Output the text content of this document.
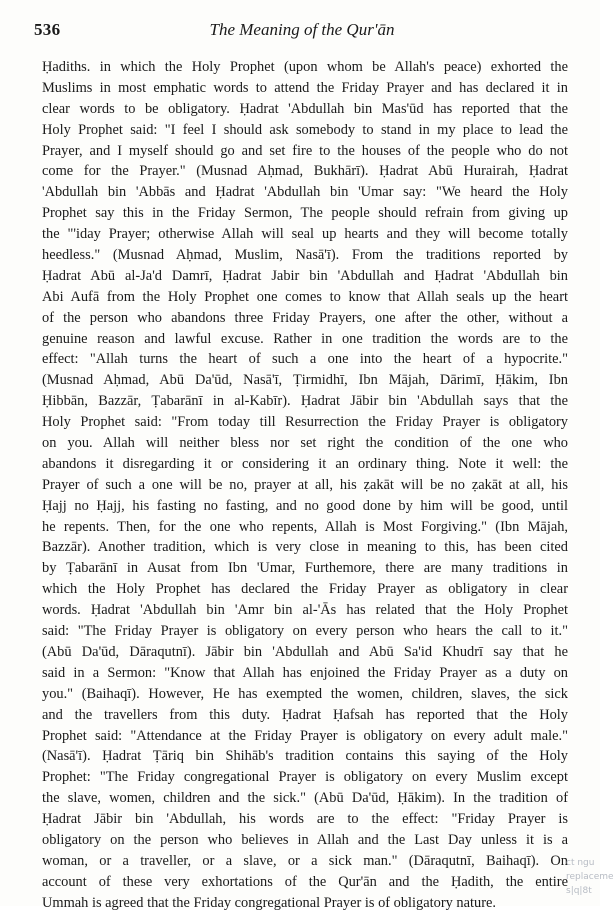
536	The Meaning of the Qur'ān
Ḥadiths. in which the Holy Prophet (upon whom be Allah's peace) exhorted the
Muslims in most emphatic words to attend the Friday Prayer and has declared it in
clear words to be obligatory. Ḥadrat 'Abdullah bin Mas'ūd has reported that the
Holy Prophet said: "I feel I should ask somebody to stand in my place to lead the
Prayer, and I myself should go and set fire to the houses of the people who do not
come for the Prayer." (Musnad Aḥmad, Bukhārī). Ḥadrat Abū Hurairah, Ḥadrat
'Abdullah bin 'Abbās and Ḥadrat 'Abdullah bin 'Umar say: "We heard the Holy
Prophet say this in the Friday Sermon, The people should refrain from giving up
the "'iday Prayer; otherwise Allah will seal up hearts and they will become totally
heedless." (Musnad Aḥmad, Muslim, Nasā'ī). From the traditions reported by
Ḥadrat Abū al-Ja'd Damrī, Ḥadrat Jabir bin 'Abdullah and Ḥadrat 'Abdullah bin
Abi Aufā from the Holy Prophet one comes to know that Allah seals up the heart
of the person who abandons three Friday Prayers, one after the other, without a
genuine reason and lawful excuse. Rather in one tradition the words are to the
effect: "Allah turns the heart of such a one into the heart of a hypocrite."
(Musnad Aḥmad, Abū Da'ūd, Nasā'ī, Ṭirmidhī, Ibn Mājah, Dārimī, Ḥākim, Ibn
Ḥibbān, Bazzār, Ṭabarānī in al-Kabīr). Ḥadrat Jābir bin 'Abdullah says that the
Holy Prophet said: "From today till Resurrection the Friday Prayer is obligatory
on you. Allah will neither bless nor set right the condition of the one who
abandons it disregarding it or considering it an ordinary thing. Note it well: the
Prayer of such a one will be no, prayer at all, his ẓakāt will be no ẓakāt at all, his
Ḥajj no Ḥajj, his fasting no fasting, and no good done by him will be good, until
he repents. Then, for the one who repents, Allah is Most Forgiving." (Ibn Mājah,
Bazzār). Another tradition, which is very close in meaning to this, has been cited
by Ṭabarānī in Ausat from Ibn 'Umar, Furthemore, there are many traditions in
which the Holy Prophet has declared the Friday Prayer as obligatory in clear
words. Ḥadrat 'Abdullah bin 'Amr bin al-'Ās has related that the Holy Prophet
said: "The Friday Prayer is obligatory on every person who hears the call to it."
(Abū Da'ūd, Dāraqutnī). Jābir bin 'Abdullah and Abū Sa'id Khudrī say that he
said in a Sermon: "Know that Allah has enjoined the Friday Prayer as a duty on
you." (Baihaqī). However, He has exempted the women, children, slaves, the sick
and the travellers from this duty. Ḥadrat Ḥafsah has reported that the Holy
Prophet said: "Attendance at the Friday Prayer is obligatory on every adult male."
(Nasā'ī). Ḥadrat Ṭāriq bin Shihāb's tradition contains this saying of the Holy
Prophet: "The Friday congregational Prayer is obligatory on every Muslim except
the slave, women, children and the sick." (Abū Da'ūd, Ḥākim). In the tradition of
Ḥadrat Jābir bin 'Abdullah, his words are to the effect: "Friday Prayer is
obligatory on the person who believes in Allah and the Last Day unless it is a
woman, or a traveller, or a slave, or a sick man." (Dāraqutnī, Baihaqī). On
account of these very exhortations of the Qur'ān and the Ḥadith, the entire
Ummah is agreed that the Friday congregational Prayer is of obligatory nature.
ct ngu
replaceme
s|q|8t
